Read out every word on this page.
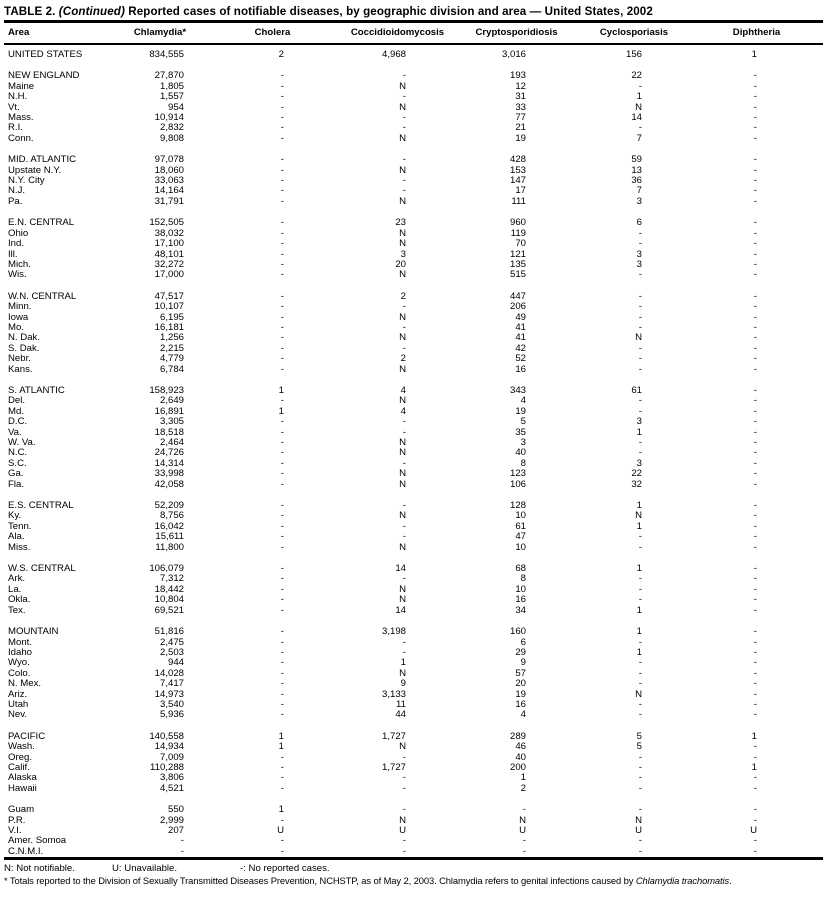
TABLE 2. (Continued) Reported cases of notifiable diseases, by geographic division and area — United States, 2002
Area	Chlamydia*	Cholera	Coccidioidomycosis	Cryptosporidiosis	Cyclosporiasis	Diphtheria
UNITED STATES	834,555	2	4,968	3,016	156	1

NEW ENGLAND	27,870	-	-	193	22	-
Maine	1,805	-	N	12	-	-
N.H.	1,557	-	-	31	1	-
Vt.	954	-	N	33	N	-
Mass.	10,914	-	-	77	14	-
R.I.	2,832	-	-	21	-	-
Conn.	9,808	-	N	19	7	-

MID. ATLANTIC	97,078	-	-	428	59	-
Upstate N.Y.	18,060	-	N	153	13	-
N.Y. City	33,063	-	-	147	36	-
N.J.	14,164	-	-	17	7	-
Pa.	31,791	-	N	111	3	-

E.N. CENTRAL	152,505	-	23	960	6	-
Ohio	38,032	-	N	119	-	-
Ind.	17,100	-	N	70	-	-
Ill.	48,101	-	3	121	3	-
Mich.	32,272	-	20	135	3	-
Wis.	17,000	-	N	515	-	-

W.N. CENTRAL	47,517	-	2	447	-	-
Minn.	10,107	-	-	206	-	-
Iowa	6,195	-	N	49	-	-
Mo.	16,181	-	-	41	-	-
N. Dak.	1,256	-	N	41	N	-
S. Dak.	2,215	-	-	42	-	-
Nebr.	4,779	-	2	52	-	-
Kans.	6,784	-	N	16	-	-

S. ATLANTIC	158,923	1	4	343	61	-
Del.	2,649	-	N	4	-	-
Md.	16,891	1	4	19	-	-
D.C.	3,305	-	-	5	3	-
Va.	18,518	-	-	35	1	-
W. Va.	2,464	-	N	3	-	-
N.C.	24,726	-	N	40	-	-
S.C.	14,314	-	-	8	3	-
Ga.	33,998	-	N	123	22	-
Fla.	42,058	-	N	106	32	-

E.S. CENTRAL	52,209	-	-	128	1	-
Ky.	8,756	-	N	10	N	-
Tenn.	16,042	-	-	61	1	-
Ala.	15,611	-	-	47	-	-
Miss.	11,800	-	N	10	-	-

W.S. CENTRAL	106,079	-	14	68	1	-
Ark.	7,312	-	-	8	-	-
La.	18,442	-	N	10	-	-
Okla.	10,804	-	N	16	-	-
Tex.	69,521	-	14	34	1	-

MOUNTAIN	51,816	-	3,198	160	1	-
Mont.	2,475	-	-	6	-	-
Idaho	2,503	-	-	29	1	-
Wyo.	944	-	1	9	-	-
Colo.	14,028	-	N	57	-	-
N. Mex.	7,417	-	9	20	-	-
Ariz.	14,973	-	3,133	19	N	-
Utah	3,540	-	11	16	-	-
Nev.	5,936	-	44	4	-	-

PACIFIC	140,558	1	1,727	289	5	1
Wash.	14,934	1	N	46	5	-
Oreg.	7,009	-	-	40	-	-
Calif.	110,288	-	1,727	200	-	1
Alaska	3,806	-	-	1	-	-
Hawaii	4,521	-	-	2	-	-

Guam	550	1	-	-	-	-
P.R.	2,999	-	N	N	N	-
V.I.	207	U	U	U	U	U
Amer. Somoa	-	-	-	-	-	-
C.N.M.I.	-	-	-	-	-	-
N: Not notifiable.	U: Unavailable.	-: No reported cases.
* Totals reported to the Division of Sexually Transmitted Diseases Prevention, NCHSTP, as of May 2, 2003. Chlamydia refers to genital infections caused by Chlamydia trachomatis.
